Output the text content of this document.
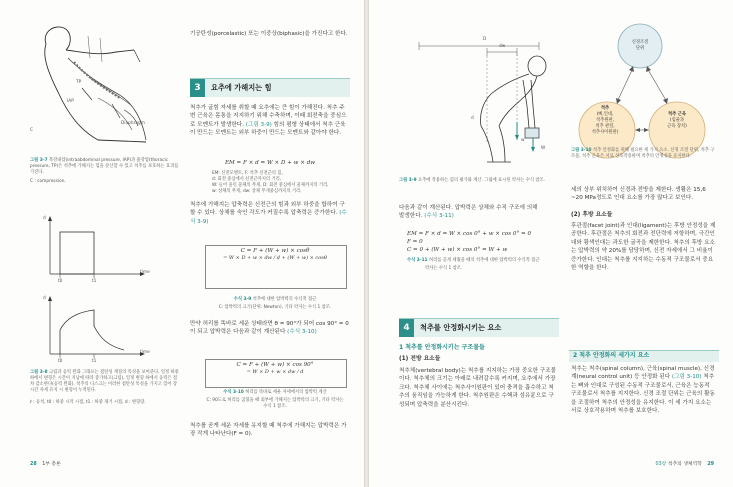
TP
IAP
Diaphragm
C
그림 3-7 복강내압(intraabdominal pressure, IAP)과 흉강압(thoracic pressure, TP)은 척추에 가해지는 힘을 분산할 수 있고 척추를 보호하는 효과를 가진다.
C : compression.
d
time
t0	t1
d
time
t0	t1
그림 3-8 크립과 응력 완화 그래프는 점탄성 재질의 특성을 보여준다. 일정 하중 하에서 변형은 시간이 지남에 따라 증가하고(크립), 일정 변형 하에서 응력은 점차 감소한다(응력 완화). 척추의 디스크는 이러한 점탄성 특성을 가지고 있어 장시간 자세 유지 시 변형이 누적된다.
ℓ : 등척, t0 : 하중 시작 시점, t1 : 하중 제거 시점, d : 변형량.
기공탄성(porcelastic) 또는 이중상(biphasic)을 가진다고 한다.
3	요추에 가해지는 힘
척추가 굽힘 자세를 취할 때 요추에는 큰 힘이 가해진다. 척추 주변 근육은 몸통을 지지하기 위해 수축하며, 이때 회전축을 중심으로 모멘트가 발생한다. (그림 3-9) 힘의 평형 상태에서 척추 근육이 만드는 모멘트는 외부 하중이 만드는 모멘트와 같아야 한다.
EM = F × d = W × D + w × dw
EM: 신전모멘트, F: 척추 신전근의 힘,
d: 회전 중심에서 신전근까지의 거리,
W: 들어 올린 물체의 무게, D: 회전 중심에서 물체까지의 거리,
w: 상체의 무게, dw: 상체 무게중심까지의 거리.
척추에 가해지는 압축력은 신전근의 힘과 외부 하중을 합하여 구할 수 있다. 상체를 숙인 각도가 커질수록 압축력은 증가한다. (수식 3-9)
C = F + (W + w) × cosθ
= W × D + w × dw / d + (W + w) × cosθ
수식 3-9 척추에 대한 압박력의 수식적 접근
C: 압박력의 크기(단위: Newton), 기타 약자는 수식 1 참조.
만약 허리를 똑바로 세운 상태라면 θ = 90°가 되어 cos 90° = 0이 되고 압박력은 다음과 같이 계산된다 (수식 3-10)
C = F + (W + w) × cos 90°
= W × D + w × dw / d
수식 3-10 허리를 똑바로 세운 자세에서의 압박력 계산
C: 90도로 허리를 굽혔을 때 외부에 가해지는 압박력의 크기, 기타 약자는 수식 1 참조.
척추를 곧게 세운 자세를 유지할 때 척추에 가해지는 압박력은 가장 작게 나타난다(F = 0).
28 1부 총론
D
dw
w
W
d
그림 3-9 요추에 작용하는 힘의 평가와 계산. 그림에 표시된 약자는 수식 참조.
신경조절
단위
척추
(뼈,인대,
척추원판,
척추 관절,
척추사이원판)
척추 근육
(힘줄과
근육 장치)
그림 3-10 척추 안정화를 위해 필요한 세 가지 요소. 신경 조절 단위, 척추 구조물, 척추 근육은 서로 상호작용하며 척추의 안정성을 유지한다.
다음과 같이 계산된다. 압박력은 상체와 수직 구조에 의해
발생한다. (수식 3-11)
EM = F × d = W × cos 0° + w × cos 0° = 0
F = 0
C = 0 + (W + w) × cos 0° = W + w
수식 3-11 허리를 곧게 세웠을 때의 척추에 대한 압박력의 수식적 접근
약자는 수식 1 참조.
4	척추를 안정화시키는 요소
1 척추를 안정화시키는 구조물들
(1) 전방 요소들
척추체(vertebral body)는 척추를 지지하는 가장 중요한 구조물이다. 척추체의 크기는 아래로 내려갈수록 커지며, 요추에서 가장 크다. 척추체 사이에는 척추사이원판이 있어 충격을 흡수하고 척추의 움직임을 가능하게 한다. 척추원판은 수핵과 섬유륜으로 구성되며 압축력을 분산시킨다.
세의 상부 위치하여 신경과 전방을 제한다. 생활은 15,6 ~20 MPa정도로 인대 요소를 가장 많다고 보인다.
(2) 후방 요소들
후관절(facet joint)과 인대(ligament)는 후방 안정성을 제공한다. 후관절은 척추의 회전과 전단력에 저항하며, 극간인대와 황색인대는 과도한 굴곡을 제한한다. 척추의 후방 요소는 압박력의 약 20%를 담당하며, 신전 자세에서 그 비율이 증가한다. 인대는 척추를 지지하는 수동적 구조물로서 중요한 역할을 한다.
2 척추 안정화의 세가지 요소
척추는 척추(spinal column), 근육(spinal muscle), 신경계(neural control unit) 등 안정화 된다 (그림 3-10) 척추는 뼈와 인대로 구성된 수동적 구조물로서, 근육은 능동적 구조물로서 척추를 지지한다. 신경 조절 단위는 근육의 활동을 조절하여 척추의 안정성을 유지한다. 이 세 가지 요소는 서로 상호작용하며 척추를 보호한다.
03장 척추의 생체역학 29
